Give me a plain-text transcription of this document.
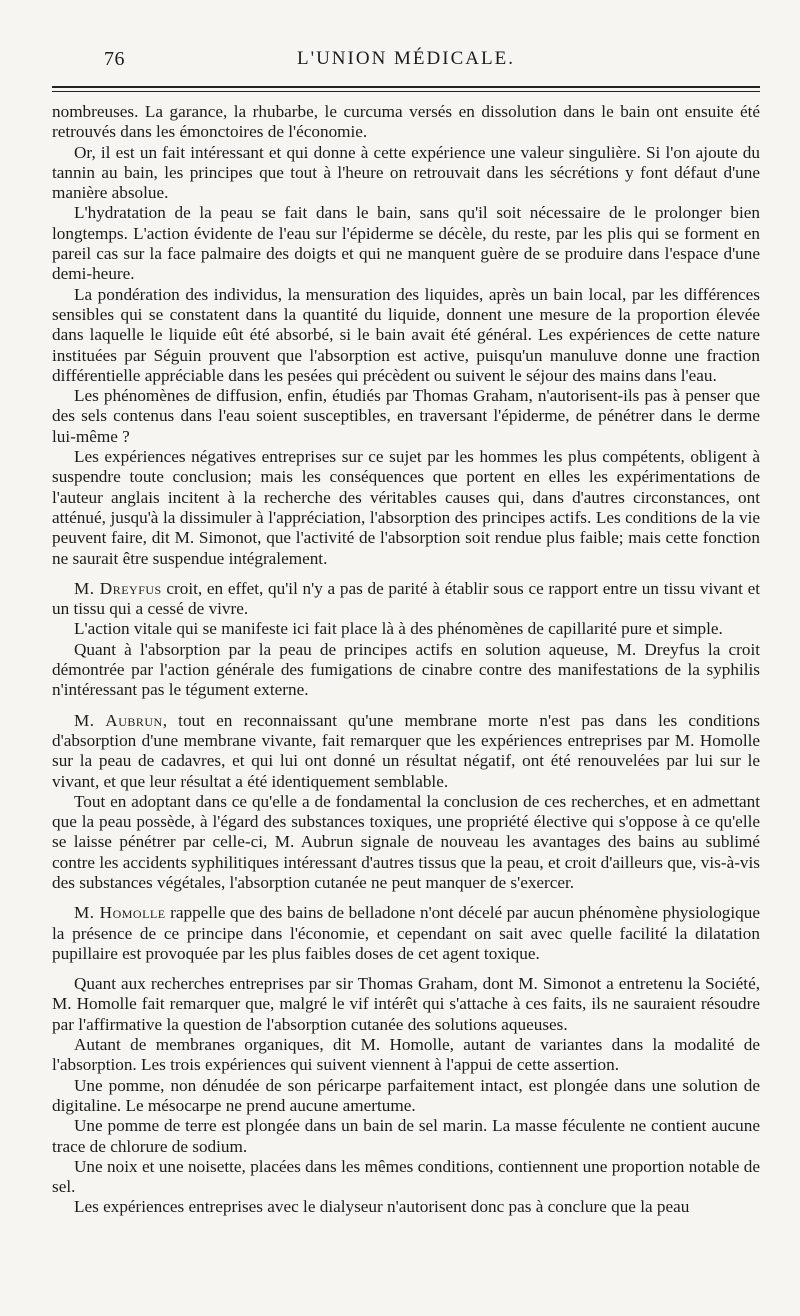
76	L'UNION MÉDICALE.

nombreuses. La garance, la rhubarbe, le curcuma versés en dissolution dans le bain ont ensuite été retrouvés dans les émonctoires de l'économie.

Or, il est un fait intéressant et qui donne à cette expérience une valeur singulière. Si l'on ajoute du tannin au bain, les principes que tout à l'heure on retrouvait dans les sécrétions y font défaut d'une manière absolue.

L'hydratation de la peau se fait dans le bain, sans qu'il soit nécessaire de le prolonger bien longtemps. L'action évidente de l'eau sur l'épiderme se décèle, du reste, par les plis qui se forment en pareil cas sur la face palmaire des doigts et qui ne manquent guère de se produire dans l'espace d'une demi-heure.

La pondération des individus, la mensuration des liquides, après un bain local, par les différences sensibles qui se constatent dans la quantité du liquide, donnent une mesure de la proportion élevée dans laquelle le liquide eût été absorbé, si le bain avait été général. Les expériences de cette nature instituées par Séguin prouvent que l'absorption est active, puisqu'un manuluve donne une fraction différentielle appréciable dans les pesées qui précèdent ou suivent le séjour des mains dans l'eau.

Les phénomènes de diffusion, enfin, étudiés par Thomas Graham, n'autorisent-ils pas à penser que des sels contenus dans l'eau soient susceptibles, en traversant l'épiderme, de pénétrer dans le derme lui-même ?

Les expériences négatives entreprises sur ce sujet par les hommes les plus compétents, obligent à suspendre toute conclusion; mais les conséquences que portent en elles les expérimentations de l'auteur anglais incitent à la recherche des véritables causes qui, dans d'autres circonstances, ont atténué, jusqu'à la dissimuler à l'appréciation, l'absorption des principes actifs. Les conditions de la vie peuvent faire, dit M. Simonot, que l'activité de l'absorption soit rendue plus faible; mais cette fonction ne saurait être suspendue intégralement.

M. Dreyfus croit, en effet, qu'il n'y a pas de parité à établir sous ce rapport entre un tissu vivant et un tissu qui a cessé de vivre.

L'action vitale qui se manifeste ici fait place là à des phénomènes de capillarité pure et simple.

Quant à l'absorption par la peau de principes actifs en solution aqueuse, M. Dreyfus la croit démontrée par l'action générale des fumigations de cinabre contre des manifestations de la syphilis n'intéressant pas le tégument externe.

M. Aubrun, tout en reconnaissant qu'une membrane morte n'est pas dans les conditions d'absorption d'une membrane vivante, fait remarquer que les expériences entreprises par M. Homolle sur la peau de cadavres, et qui lui ont donné un résultat négatif, ont été renouvelées par lui sur le vivant, et que leur résultat a été identiquement semblable.

Tout en adoptant dans ce qu'elle a de fondamental la conclusion de ces recherches, et en admettant que la peau possède, à l'égard des substances toxiques, une propriété élective qui s'oppose à ce qu'elle se laisse pénétrer par celle-ci, M. Aubrun signale de nouveau les avantages des bains au sublimé contre les accidents syphilitiques intéressant d'autres tissus que la peau, et croit d'ailleurs que, vis-à-vis des substances végétales, l'absorption cutanée ne peut manquer de s'exercer.

M. Homolle rappelle que des bains de belladone n'ont décelé par aucun phénomène physiologique la présence de ce principe dans l'économie, et cependant on sait avec quelle facilité la dilatation pupillaire est provoquée par les plus faibles doses de cet agent toxique.

Quant aux recherches entreprises par sir Thomas Graham, dont M. Simonot a entretenu la Société, M. Homolle fait remarquer que, malgré le vif intérêt qui s'attache à ces faits, ils ne sauraient résoudre par l'affirmative la question de l'absorption cutanée des solutions aqueuses.

Autant de membranes organiques, dit M. Homolle, autant de variantes dans la modalité de l'absorption. Les trois expériences qui suivent viennent à l'appui de cette assertion.

Une pomme, non dénudée de son péricarpe parfaitement intact, est plongée dans une solution de digitaline. Le mésocarpe ne prend aucune amertume.

Une pomme de terre est plongée dans un bain de sel marin. La masse féculente ne contient aucune trace de chlorure de sodium.

Une noix et une noisette, placées dans les mêmes conditions, contiennent une proportion notable de sel.

Les expériences entreprises avec le dialyseur n'autorisent donc pas à conclure que la peau
